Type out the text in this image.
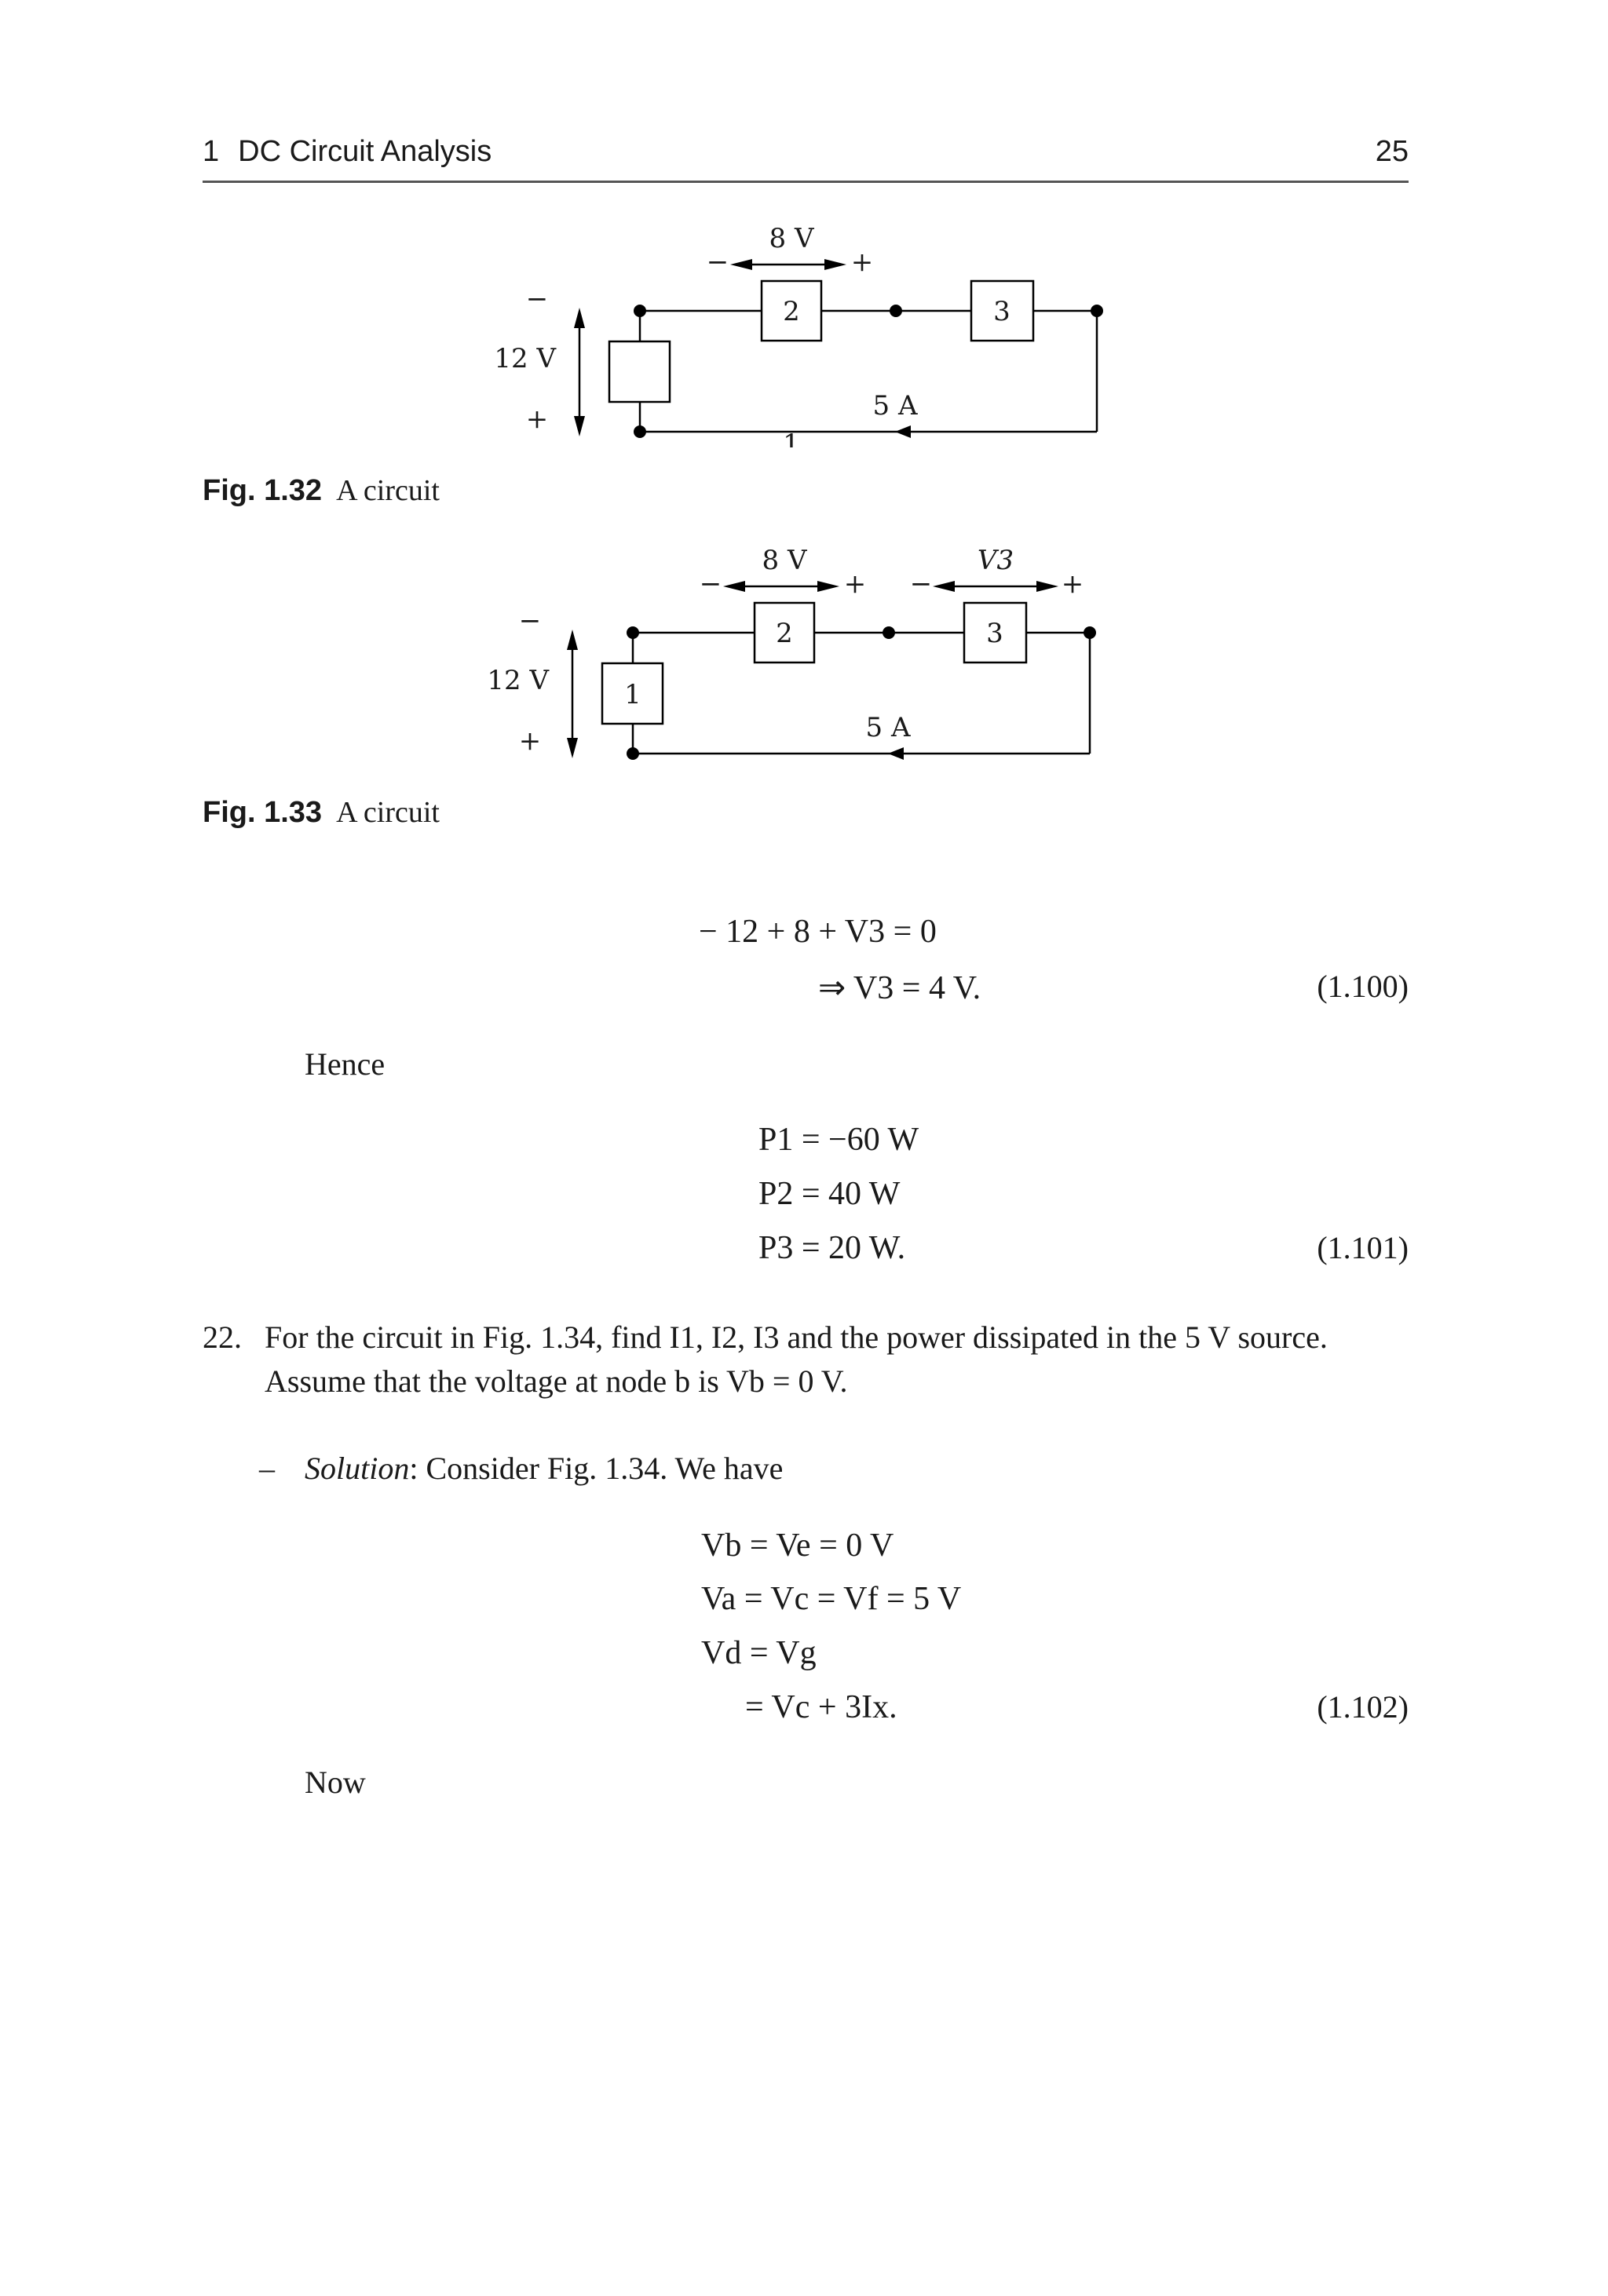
1 DC Circuit Analysis	25
1
2	3
12 V
−
+
8 V
−	+
5 A
Fig. 1.32 A circuit
1
2	3
12 V
−
+
8 V
−	+
V3
−	+
5 A
Fig. 1.33 A circuit
− 12 + 8 + V3 = 0
⇒ V3 = 4 V.	(1.100)
Hence
P1 = −60 W
P2 = 40 W
P3 = 20 W.	(1.101)
22. For the circuit in Fig. 1.34, find I1, I2, I3 and the power dissipated in the 5 V source.
Assume that the voltage at node b is Vb = 0 V.
– Solution: Consider Fig. 1.34. We have
Vb = Ve = 0 V
Va = Vc = Vf = 5 V
Vd = Vg
= Vc + 3Ix.	(1.102)
Now
